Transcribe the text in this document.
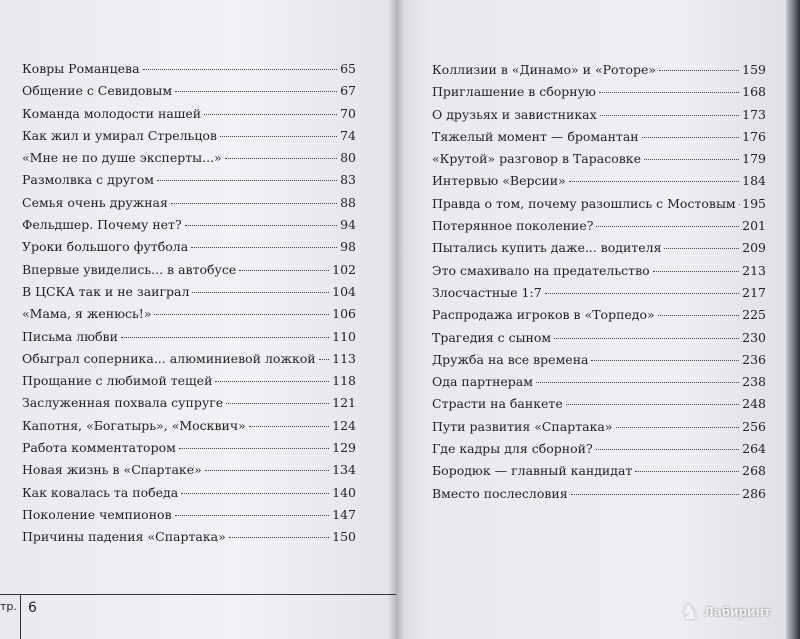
Ковры Романцева	65
Общение с Севидовым	67
Команда молодости нашей	70
Как жил и умирал Стрельцов	74
«Мне не по душе эксперты...»	80
Размолвка с другом	83
Семья очень дружная	88
Фельдшер. Почему нет?	94
Уроки большого футбола	98
Впервые увиделись... в автобусе	102
В ЦСКА так и не заиграл	104
«Мама, я женюсь!»	106
Письма любви	110
Обыграл соперника... алюминиевой ложкой 113
Прощание с любимой тещей	118
Заслуженная похвала супруге	121
Капотня, «Богатырь», «Москвич»	124
Работа комментатором	129
Новая жизнь в «Спартаке»	134
Как ковалась та победа	140
Поколение чемпионов	147
Причины падения «Спартака»	150
Коллизии в «Динамо» и «Роторе»	159
Приглашение в сборную	168
О друзьях и завистниках	173
Тяжелый момент — бромантан	176
«Крутой» разговор в Тарасовке	179
Интервью «Версии»	184
Правда о том, почему разошлись с Мостовым 195
Потерянное поколение?	201
Пытались купить даже... водителя	209
Это смахивало на предательство	213
Злосчастные 1:7	217
Распродажа игроков в «Торпедо»	225
Трагедия с сыном	230
Дружба на все времена	236
Ода партнерам	238
Страсти на банкете	248
Пути развития «Спартака»	256
Где кадры для сборной?	264
Бородюк — главный кандидат	268
Вместо послесловия	286
тр. 6	♞ Лабиринт
